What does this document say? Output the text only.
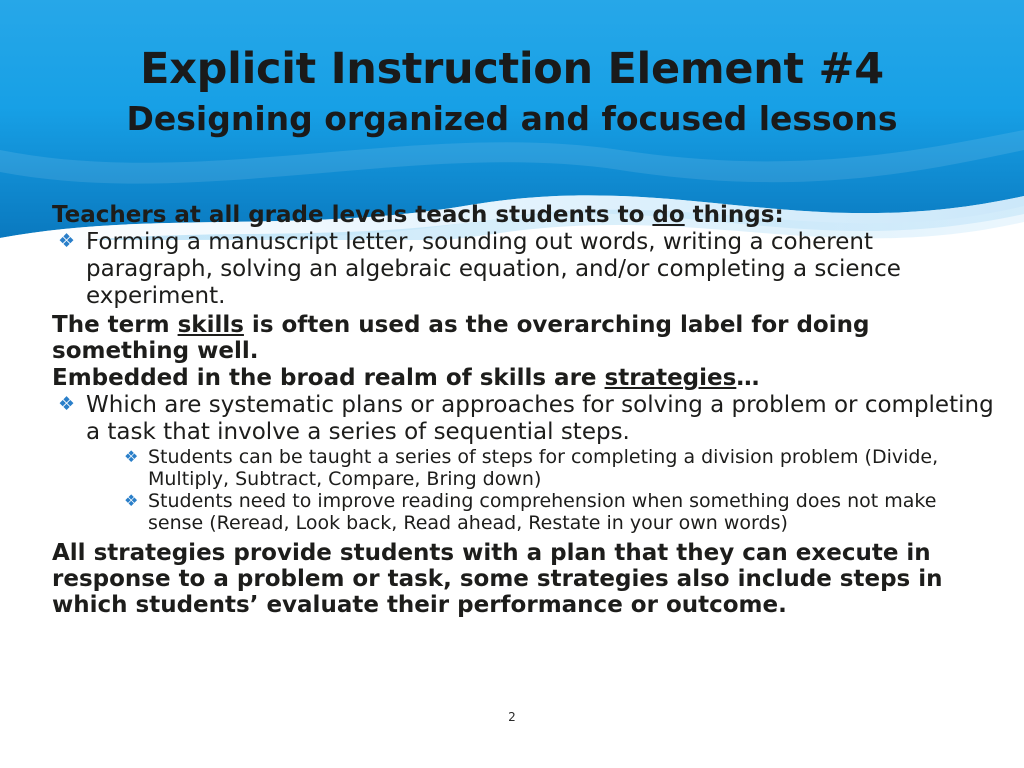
Explicit Instruction Element #4
Designing organized and focused lessons
Teachers at all grade levels teach students to do things:
❖ Forming a manuscript letter, sounding out words, writing a coherent paragraph, solving an algebraic equation, and/or completing a science experiment.
The term skills is often used as the overarching label for doing something well.
Embedded in the broad realm of skills are strategies…
❖ Which are systematic plans or approaches for solving a problem or completing a task that involve a series of sequential steps.
❖ Students can be taught a series of steps for completing a division problem (Divide, Multiply, Subtract, Compare, Bring down)
❖ Students need to improve reading comprehension when something does not make sense (Reread, Look back, Read ahead, Restate in your own words)
All strategies provide students with a plan that they can execute in response to a problem or task, some strategies also include steps in which students’ evaluate their performance or outcome.
2
